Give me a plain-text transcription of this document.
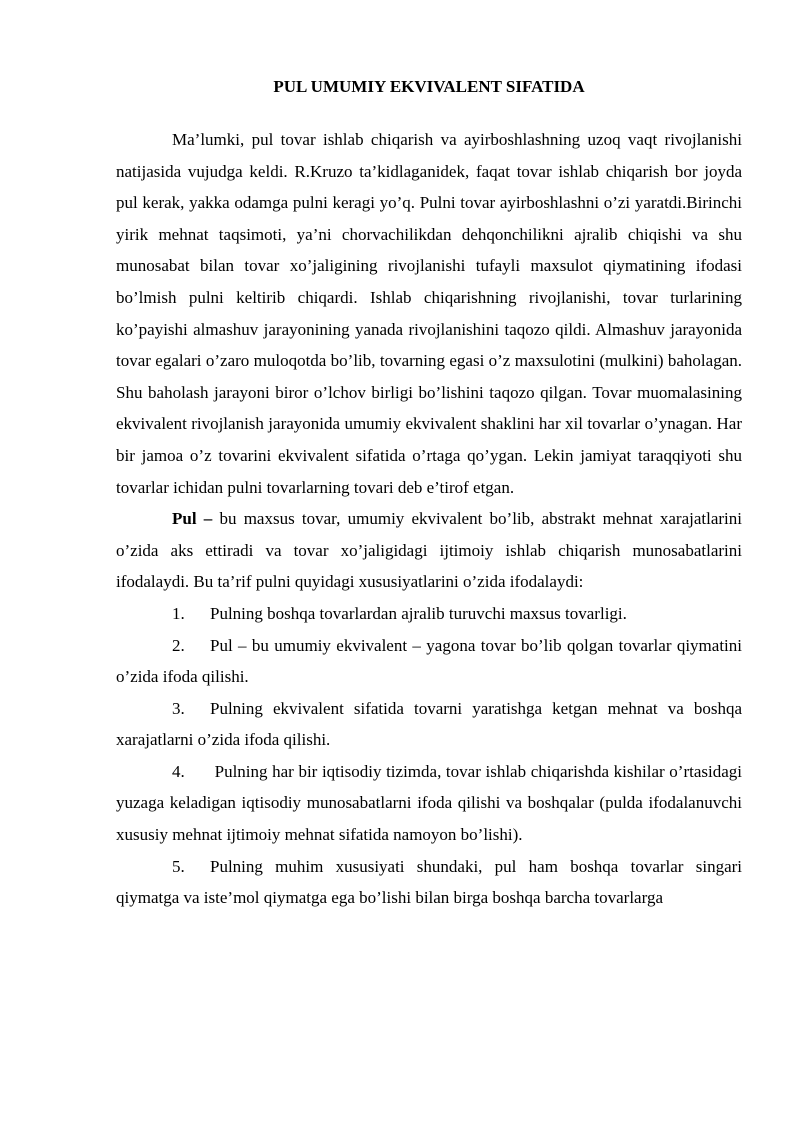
PUL UMUMIY EKVIVALENT SIFATIDA

Ma’lumki, pul tovar ishlab chiqarish va ayirboshlashning uzoq vaqt rivojlanishi natijasida vujudga keldi. R.Kruzo ta’kidlaganidek, faqat tovar ishlab chiqarish bor joyda pul kerak, yakka odamga pulni keragi yo’q. Pulni tovar ayirboshlashni o’zi yaratdi.Birinchi yirik mehnat taqsimoti, ya’ni chorvachilikdan dehqonchilikni ajralib chiqishi va shu munosabat bilan tovar xo’jaligining rivojlanishi tufayli maxsulot qiymatining ifodasi bo’lmish pulni keltirib chiqardi. Ishlab chiqarishning rivojlanishi, tovar turlarining ko’payishi almashuv jarayonining yanada rivojlanishini taqozo qildi. Almashuv jarayonida tovar egalari o’zaro muloqotda bo’lib, tovarning egasi o’z maxsulotini (mulkini) baholagan. Shu baholash jarayoni biror o’lchov birligi bo’lishini taqozo qilgan. Tovar muomalasining ekvivalent rivojlanish jarayonida umumiy ekvivalent shaklini har xil tovarlar o’ynagan. Har bir jamoa o’z tovarini ekvivalent sifatida o’rtaga qo’ygan. Lekin jamiyat taraqqiyoti shu tovarlar ichidan pulni tovarlarning tovari deb e’tirof etgan.

Pul – bu maxsus tovar, umumiy ekvivalent bo’lib, abstrakt mehnat xarajatlarini o’zida aks ettiradi va tovar xo’jaligidagi ijtimoiy ishlab chiqarish munosabatlarini ifodalaydi. Bu ta’rif pulni quyidagi xususiyatlarini o’zida ifodalaydi:

1. Pulning boshqa tovarlardan ajralib turuvchi maxsus tovarligi.

2. Pul – bu umumiy ekvivalent – yagona tovar bo’lib qolgan tovarlar qiymatini o’zida ifoda qilishi.

3. Pulning ekvivalent sifatida tovarni yaratishga ketgan mehnat va boshqa xarajatlarni o’zida ifoda qilishi.

4. Pulning har bir iqtisodiy tizimda, tovar ishlab chiqarishda kishilar o’rtasidagi yuzaga keladigan iqtisodiy munosabatlarni ifoda qilishi va boshqalar (pulda ifodalanuvchi xususiy mehnat ijtimoiy mehnat sifatida namoyon bo’lishi).

5. Pulning muhim xususiyati shundaki, pul ham boshqa tovarlar singari qiymatga va iste’mol qiymatga ega bo’lishi bilan birga boshqa barcha tovarlarga
